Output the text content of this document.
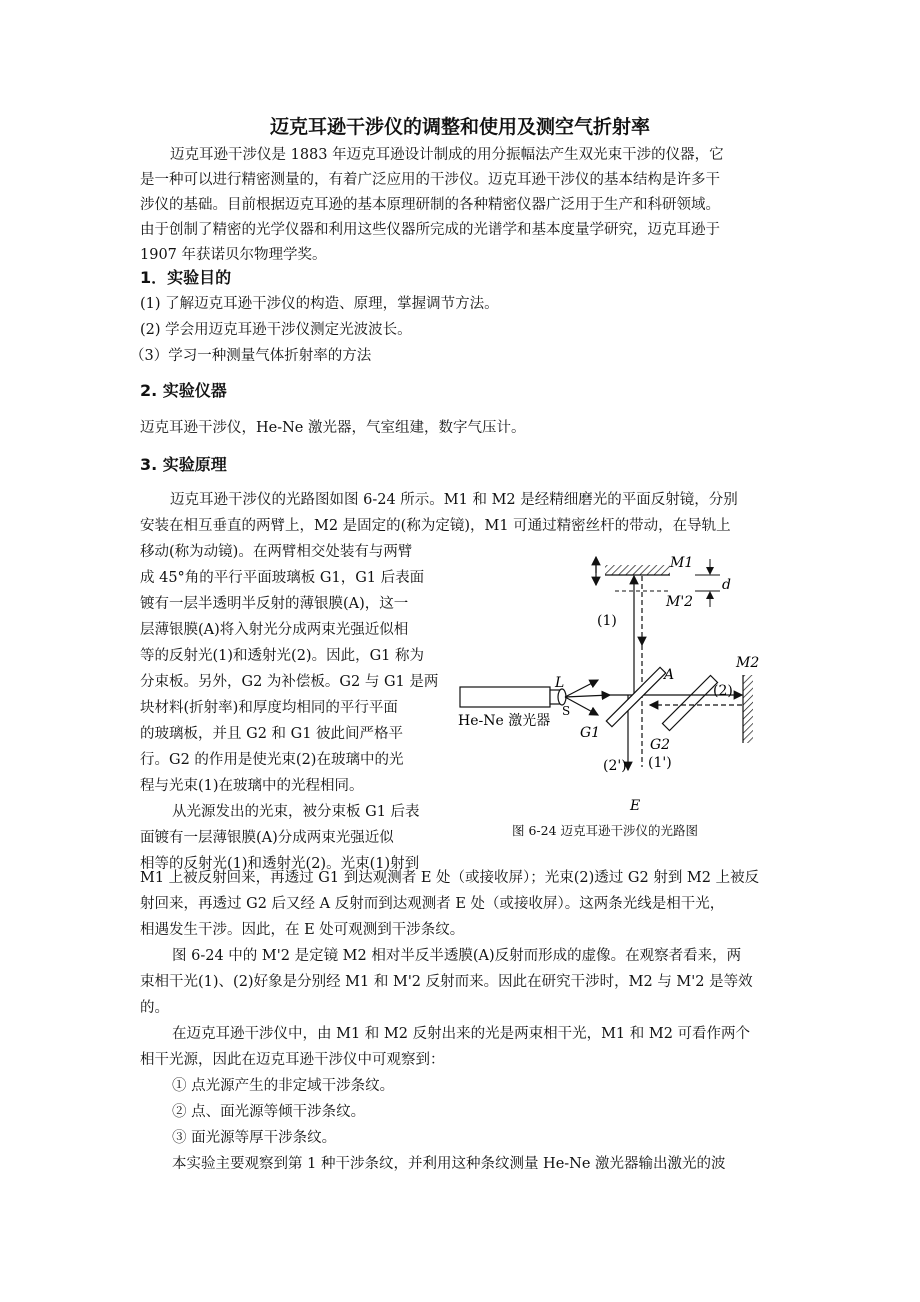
迈克耳逊干涉仪的调整和使用及测空气折射率
迈克耳逊干涉仪是 1883 年迈克耳逊设计制成的用分振幅法产生双光束干涉的仪器，它
是一种可以进行精密测量的，有着广泛应用的干涉仪。迈克耳逊干涉仪的基本结构是许多干
涉仪的基础。目前根据迈克耳逊的基本原理研制的各种精密仪器广泛用于生产和科研领域。
由于创制了精密的光学仪器和利用这些仪器所完成的光谱学和基本度量学研究，迈克耳逊于
1907 年获诺贝尔物理学奖。
1．实验目的
(1) 了解迈克耳逊干涉仪的构造、原理，掌握调节方法。
(2) 学会用迈克耳逊干涉仪测定光波波长。
（3）学习一种测量气体折射率的方法
2. 实验仪器
迈克耳逊干涉仪，He-Ne 激光器，气室组建，数字气压计。
3. 实验原理
迈克耳逊干涉仪的光路图如图 6-24 所示。M1 和 M2 是经精细磨光的平面反射镜，分别
安装在相互垂直的两臂上，M2 是固定的(称为定镜)，M1 可通过精密丝杆的带动，在导轨上
移动(称为动镜)。在两臂相交处装有与两臂
成 45°角的平行平面玻璃板 G1，G1 后表面
镀有一层半透明半反射的薄银膜(A)，这一
层薄银膜(A)将入射光分成两束光强近似相
等的反射光(1)和透射光(2)。因此，G1 称为
分束板。另外，G2 为补偿板。G2 与 G1 是两
块材料(折射率)和厚度均相同的平行平面
的玻璃板，并且 G2 和 G1 彼此间严格平
行。G2 的作用是使光束(2)在玻璃中的光
程与光束(1)在玻璃中的光程相同。
从光源发出的光束，被分束板 G1 后表
面镀有一层薄银膜(A)分成两束光强近似
相等的反射光(1)和透射光(2)。光束(1)射到
M1
M'2
d
(1)
He-Ne 激光器
L
S
G1
A
G2
(2)
M2
(2') (1')
E
图 6-24 迈克耳逊干涉仪的光路图
M1 上被反射回来，再透过 G1 到达观测者 E 处（或接收屏）；光束(2)透过 G2 射到 M2 上被反
射回来，再透过 G2 后又经 A 反射而到达观测者 E 处（或接收屏）。这两条光线是相干光，
相遇发生干涉。因此，在 E 处可观测到干涉条纹。
图 6-24 中的 M'2 是定镜 M2 相对半反半透膜(A)反射而形成的虚像。在观察者看来，两
束相干光(1)、(2)好象是分别经 M1 和 M'2 反射而来。因此在研究干涉时，M2 与 M'2 是等效
的。
在迈克耳逊干涉仪中，由 M1 和 M2 反射出来的光是两束相干光，M1 和 M2 可看作两个
相干光源，因此在迈克耳逊干涉仪中可观察到：
① 点光源产生的非定域干涉条纹。
② 点、面光源等倾干涉条纹。
③ 面光源等厚干涉条纹。
本实验主要观察到第 1 种干涉条纹，并利用这种条纹测量 He-Ne 激光器输出激光的波
